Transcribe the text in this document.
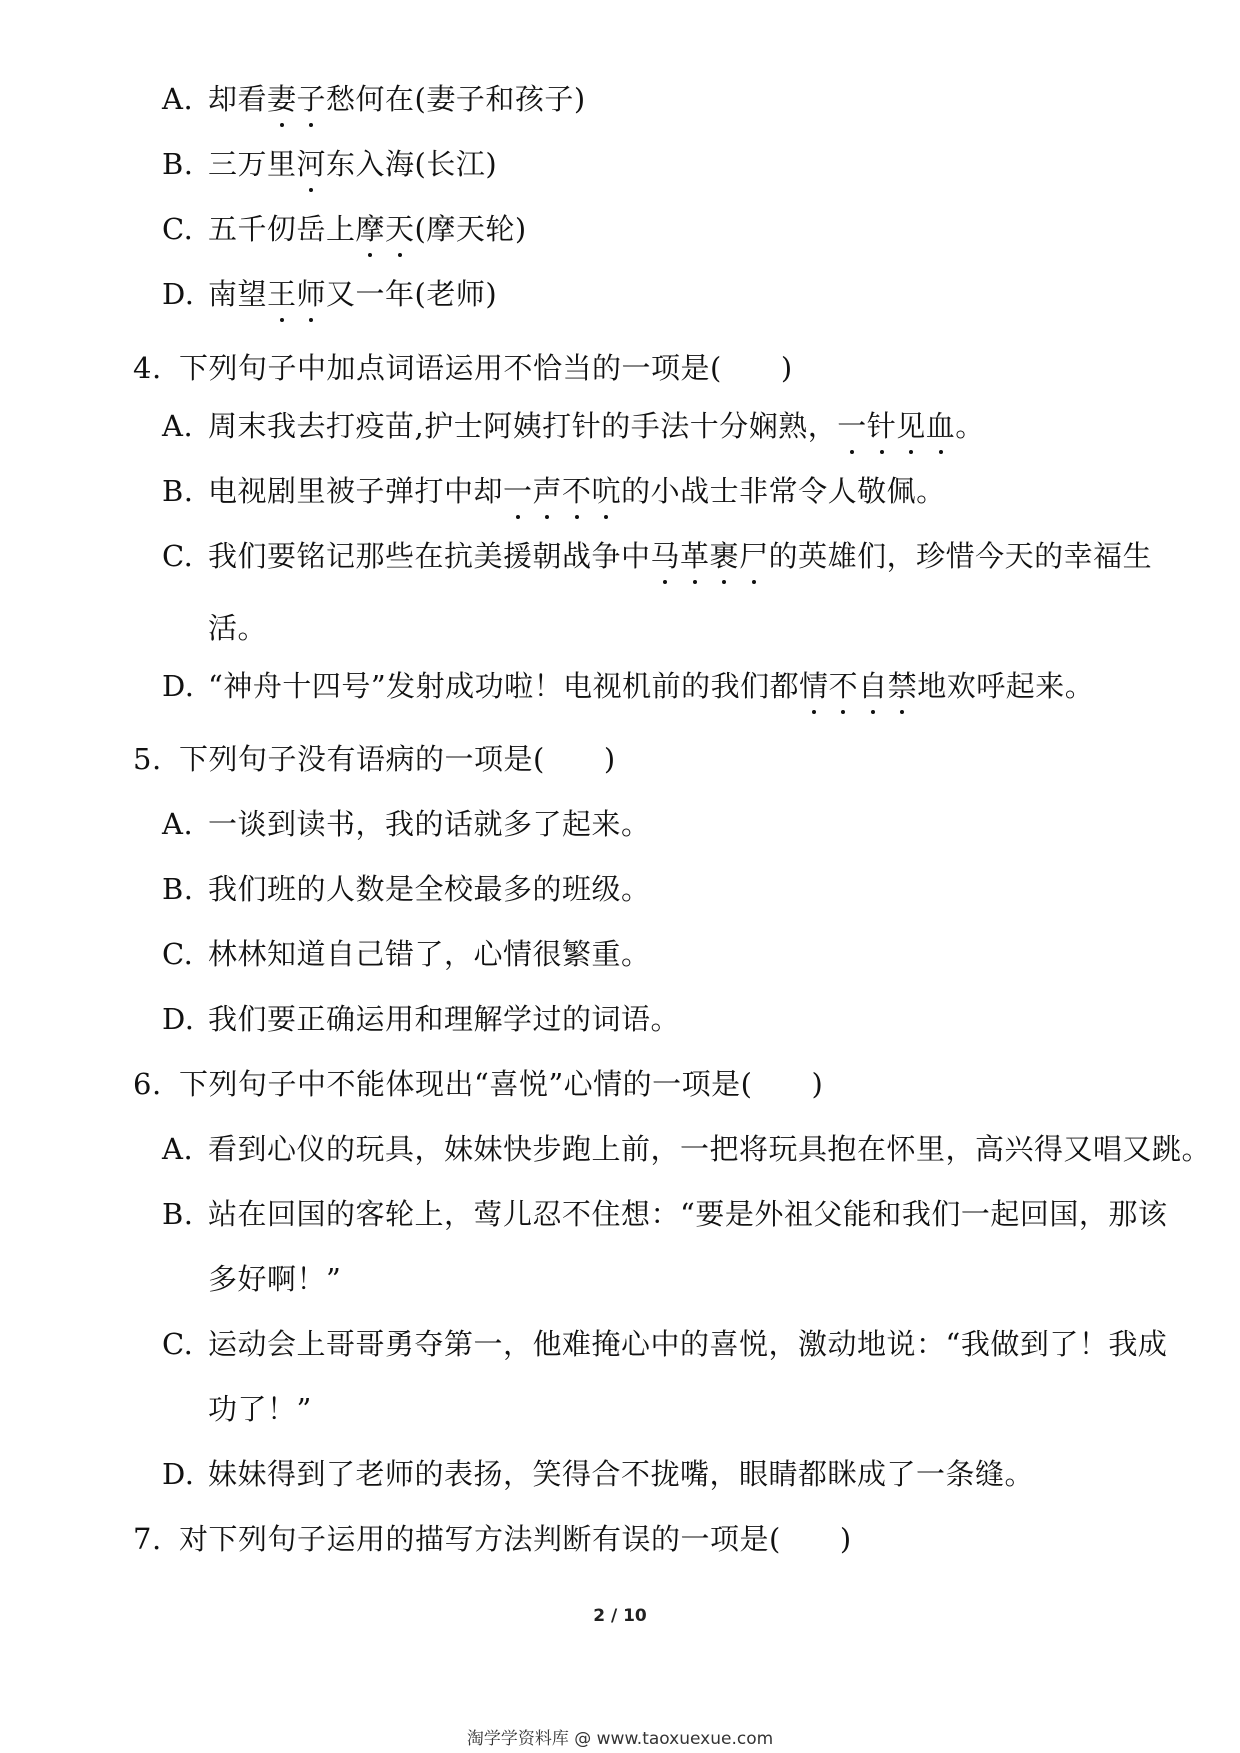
A. 却看妻子愁何在(妻子和孩子)
B. 三万里河东入海(长江)
C. 五千仞岳上摩天(摩天轮)
D. 南望王师又一年(老师)
4. 下列句子中加点词语运用不恰当的一项是(　　)
A. 周末我去打疫苗,护士阿姨打针的手法十分娴熟，一针见血。
B. 电视剧里被子弹打中却一声不吭的小战士非常令人敬佩。
C. 我们要铭记那些在抗美援朝战争中马革裹尸的英雄们，珍惜今天的幸福生
活。
D. “神舟十四号”发射成功啦！电视机前的我们都情不自禁地欢呼起来。
5. 下列句子没有语病的一项是(　　)
A. 一谈到读书，我的话就多了起来。
B. 我们班的人数是全校最多的班级。
C. 林林知道自己错了，心情很繁重。
D. 我们要正确运用和理解学过的词语。
6. 下列句子中不能体现出“喜悦”心情的一项是(　　)
A. 看到心仪的玩具，妹妹快步跑上前，一把将玩具抱在怀里，高兴得又唱又跳。
B. 站在回国的客轮上，莺儿忍不住想：“要是外祖父能和我们一起回国，那该
多好啊！”
C. 运动会上哥哥勇夺第一，他难掩心中的喜悦，激动地说：“我做到了！我成
功了！”
D. 妹妹得到了老师的表扬，笑得合不拢嘴，眼睛都眯成了一条缝。
7. 对下列句子运用的描写方法判断有误的一项是(　　)
2 / 10
淘学学资料库 @ www.taoxuexue.com
